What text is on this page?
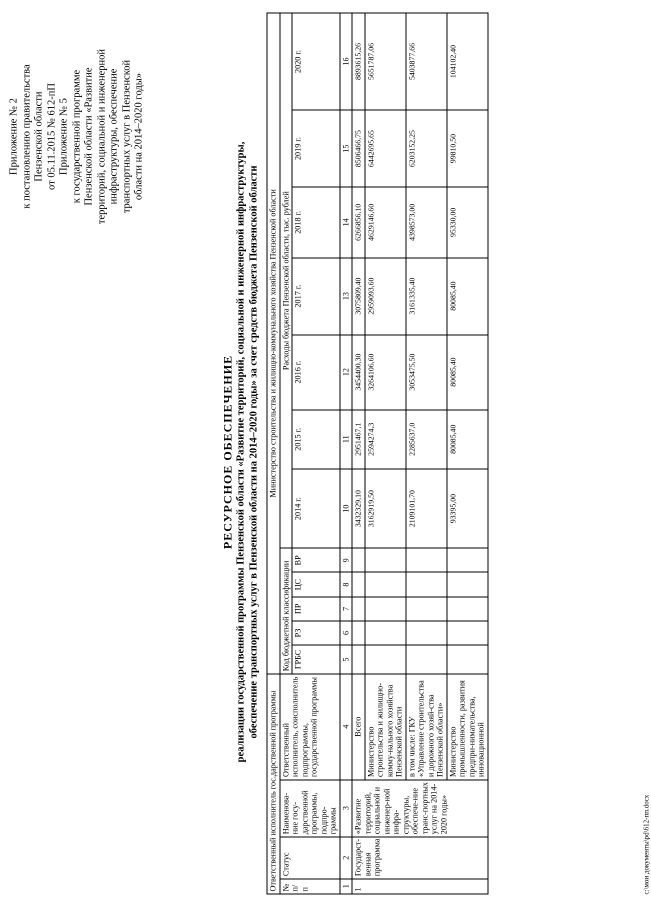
Приложение № 2 к постановлению правительства Пензенской области от 05.11.2015 № 612-пП Приложение № 5 к государственной программе Пензенской области «Развитие территорий, социальной и инженерной инфраструктуры, обеспечение транспортных услуг в Пензенской области на 2014–2020 годы»
РЕСУРСНОЕ ОБЕСПЕЧЕНИЕ реализации государственной программы Пензенской области «Развитие территорий, социальной и инженерной инфраструктуры, обеспечение транспортных услуг в Пензенской области на 2014–2020 годы» за счет средств бюджета Пензенской области
Ответственный исполнитель гос.дарственной программы				Министерство строительства и жилищно-коммунального хозяйства Пензенской области											
№ п/п	Статус	Наименова-ние госу-дарственной программы, подпро-граммы	Ответственный исполнитель, соисполнитель подпрограммы, государственной программы	Код бюджетной классификации					Расходы бюджета Пензенской области, тыс. рублей						
				ГРБС	РЗ	ПР	ЦС	ВР	2014 г.	2015 г.	2016 г.	2017 г.	2018 г.	2019 г.	2020 г.

1	2	3	4	5	6	7	8	9	10	11	12	13	14	15	16
1	Государст-венная программа	«Развитие территорий, социальной и инженер-ной инфра-структуры, обеспече-ние транс-портных услуг на 2014-2020 годы»	Всего						3432329,10	2951467,1	3454400,30	3075809,40	6266856,10	8506466,75	8893615,26
			Министерство строительства и жилищно-комму-нального хозяйства Пензенской области						3162919,50	2594274,3	3264106,60	2959093,60	4629146,60	6442695,65	5651787,06
			в том числе: ГКУ «Управление строительства и дорожного хозяй-ства Пензенской области»						2109101,70	2285637,0	3053475,50	3161335,40	4398573,00	6203152,25	5403877,66
			Министерство промышленности, развития предпри-нимательства, инновационной						93395,00	80085,40	80085,40	80085,40	95330,00	99810,50	104102,40
c:\мои документы\pd\612-пп.docx
